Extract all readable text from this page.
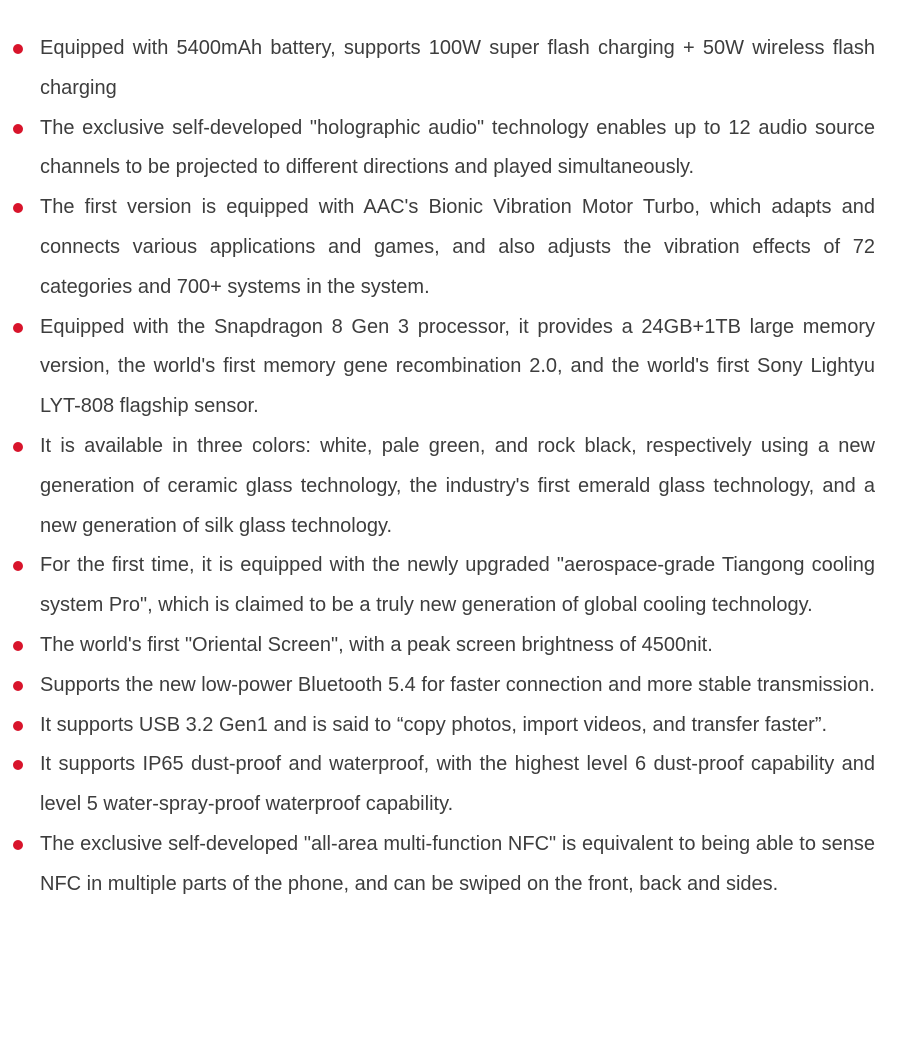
Equipped with 5400mAh battery, supports 100W super flash charging + 50W wireless flash charging
The exclusive self-developed "holographic audio" technology enables up to 12 audio source channels to be projected to different directions and played simultaneously.
The first version is equipped with AAC's Bionic Vibration Motor Turbo, which adapts and connects various applications and games, and also adjusts the vibration effects of 72 categories and 700+ systems in the system.
Equipped with the Snapdragon 8 Gen 3 processor, it provides a 24GB+1TB large memory version, the world's first memory gene recombination 2.0, and the world's first Sony Lightyu LYT-808 flagship sensor.
It is available in three colors: white, pale green, and rock black, respectively using a new generation of ceramic glass technology, the industry's first emerald glass technology, and a new generation of silk glass technology.
For the first time, it is equipped with the newly upgraded "aerospace-grade Tiangong cooling system Pro", which is claimed to be a truly new generation of global cooling technology.
The world's first "Oriental Screen", with a peak screen brightness of 4500nit.
Supports the new low-power Bluetooth 5.4 for faster connection and more stable transmission.
It supports USB 3.2 Gen1 and is said to “copy photos, import videos, and transfer faster”.
It supports IP65 dust-proof and waterproof, with the highest level 6 dust-proof capability and level 5 water-spray-proof waterproof capability.
The exclusive self-developed "all-area multi-function NFC" is equivalent to being able to sense NFC in multiple parts of the phone, and can be swiped on the front, back and sides.
